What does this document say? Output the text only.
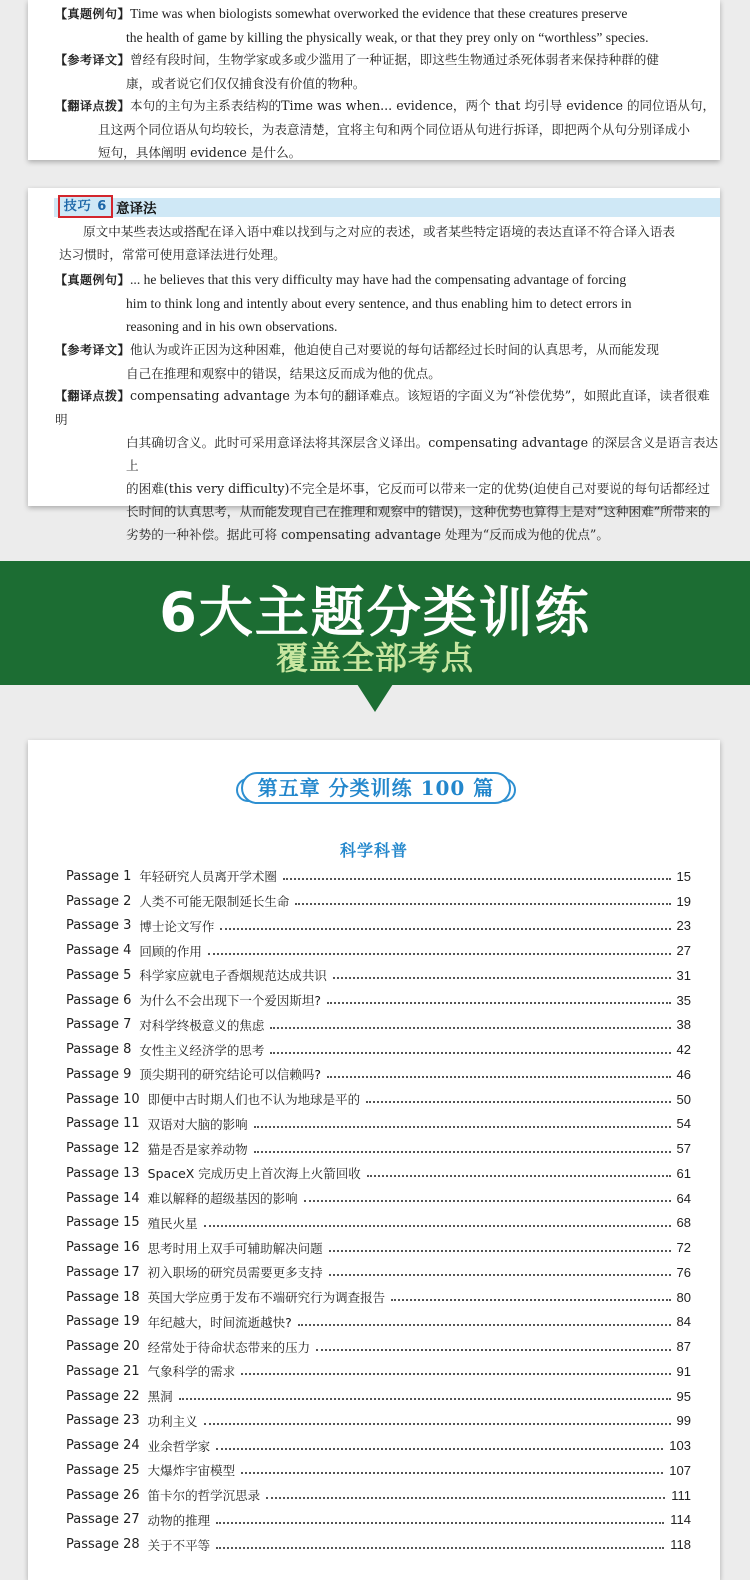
【真题例句】Time was when biologists somewhat overworked the evidence that these creatures preserve
the health of game by killing the physically weak, or that they prey only on “worthless” species.
【参考译文】曾经有段时间，生物学家或多或少滥用了一种证据，即这些生物通过杀死体弱者来保持种群的健
康，或者说它们仅仅捕食没有价值的物种。
【翻译点拨】本句的主句为主系表结构的Time was when... evidence，两个 that 均引导 evidence 的同位语从句，
且这两个同位语从句均较长，为表意清楚，宜将主句和两个同位语从句进行拆译，即把两个从句分别译成小
短句，具体阐明 evidence 是什么。
技巧 6 意译法
原文中某些表达或搭配在译入语中难以找到与之对应的表述，或者某些特定语境的表达直译不符合译入语表
达习惯时，常常可使用意译法进行处理。
【真题例句】... he believes that this very difficulty may have had the compensating advantage of forcing
him to think long and intently about every sentence, and thus enabling him to detect errors in
reasoning and in his own observations.
【参考译文】他认为或许正因为这种困难，他迫使自己对要说的每句话都经过长时间的认真思考，从而能发现
自己在推理和观察中的错误，结果这反而成为他的优点。
【翻译点拨】compensating advantage 为本句的翻译难点。该短语的字面义为“补偿优势”，如照此直译，读者很难明
白其确切含义。此时可采用意译法将其深层含义译出。compensating advantage 的深层含义是语言表达上
的困难(this very difficulty)不完全是坏事，它反而可以带来一定的优势(迫使自己对要说的每句话都经过
长时间的认真思考，从而能发现自己在推理和观察中的错误)，这种优势也算得上是对“这种困难”所带来的
劣势的一种补偿。据此可将 compensating advantage 处理为“反而成为他的优点”。
6大主题分类训练
覆盖全部考点
第五章 分类训练 100 篇
科学科普
Passage 1 年轻研究人员离开学术圈	15
Passage 2 人类不可能无限制延长生命	19
Passage 3 博士论文写作	23
Passage 4 回顾的作用	27
Passage 5 科学家应就电子香烟规范达成共识	31
Passage 6 为什么不会出现下一个爱因斯坦?	35
Passage 7 对科学终极意义的焦虑	38
Passage 8 女性主义经济学的思考	42
Passage 9 顶尖期刊的研究结论可以信赖吗?	46
Passage 10 即便中古时期人们也不认为地球是平的	50
Passage 11 双语对大脑的影响	54
Passage 12 猫是否是家养动物	57
Passage 13 SpaceX 完成历史上首次海上火箭回收	61
Passage 14 难以解释的超级基因的影响	64
Passage 15 殖民火星	68
Passage 16 思考时用上双手可辅助解决问题	72
Passage 17 初入职场的研究员需要更多支持	76
Passage 18 英国大学应勇于发布不端研究行为调查报告	80
Passage 19 年纪越大，时间流逝越快?	84
Passage 20 经常处于待命状态带来的压力	87
Passage 21 气象科学的需求	91
Passage 22 黑洞	95
Passage 23 功利主义	99
Passage 24 业余哲学家	103
Passage 25 大爆炸宇宙模型	107
Passage 26 笛卡尔的哲学沉思录	111
Passage 27 动物的推理	114
Passage 28 关于不平等	118
